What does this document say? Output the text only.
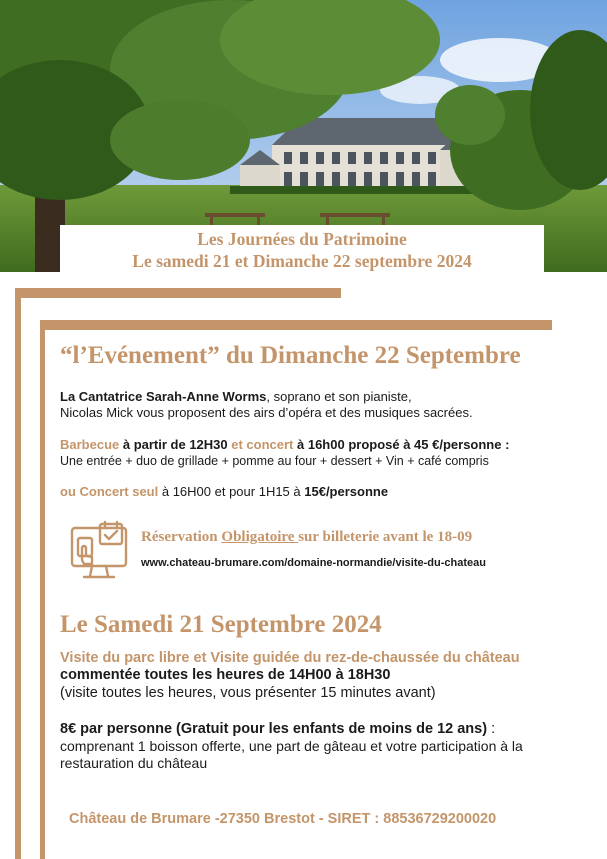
Les Journées du Patrimoine
Le samedi 21 et Dimanche 22 septembre 2024
“l’Evénement” du Dimanche 22 Septembre
La Cantatrice Sarah-Anne Worms, soprano et son pianiste,
Nicolas Mick vous proposent des airs d’opéra et des musiques sacrées.
Barbecue à partir de 12H30 et concert à 16h00 proposé à 45 €/personne :
Une entrée + duo de grillade + pomme au four + dessert + Vin + café compris
ou Concert seul à 16H00 et pour 1H15 à 15€/personne
Réservation Obligatoire sur billeterie avant le 18-09
www.chateau-brumare.com/domaine-normandie/visite-du-chateau
Le Samedi 21 Septembre 2024
Visite du parc libre et Visite guidée du rez-de-chaussée du château
commentée toutes les heures de 14H00 à 18H30
(visite toutes les heures, vous présenter 15 minutes avant)
8€ par personne (Gratuit pour les enfants de moins de 12 ans) :
comprenant 1 boisson offerte, une part de gâteau et votre participation à la
restauration du château
Château de Brumare -27350 Brestot - SIRET : 88536729200020
